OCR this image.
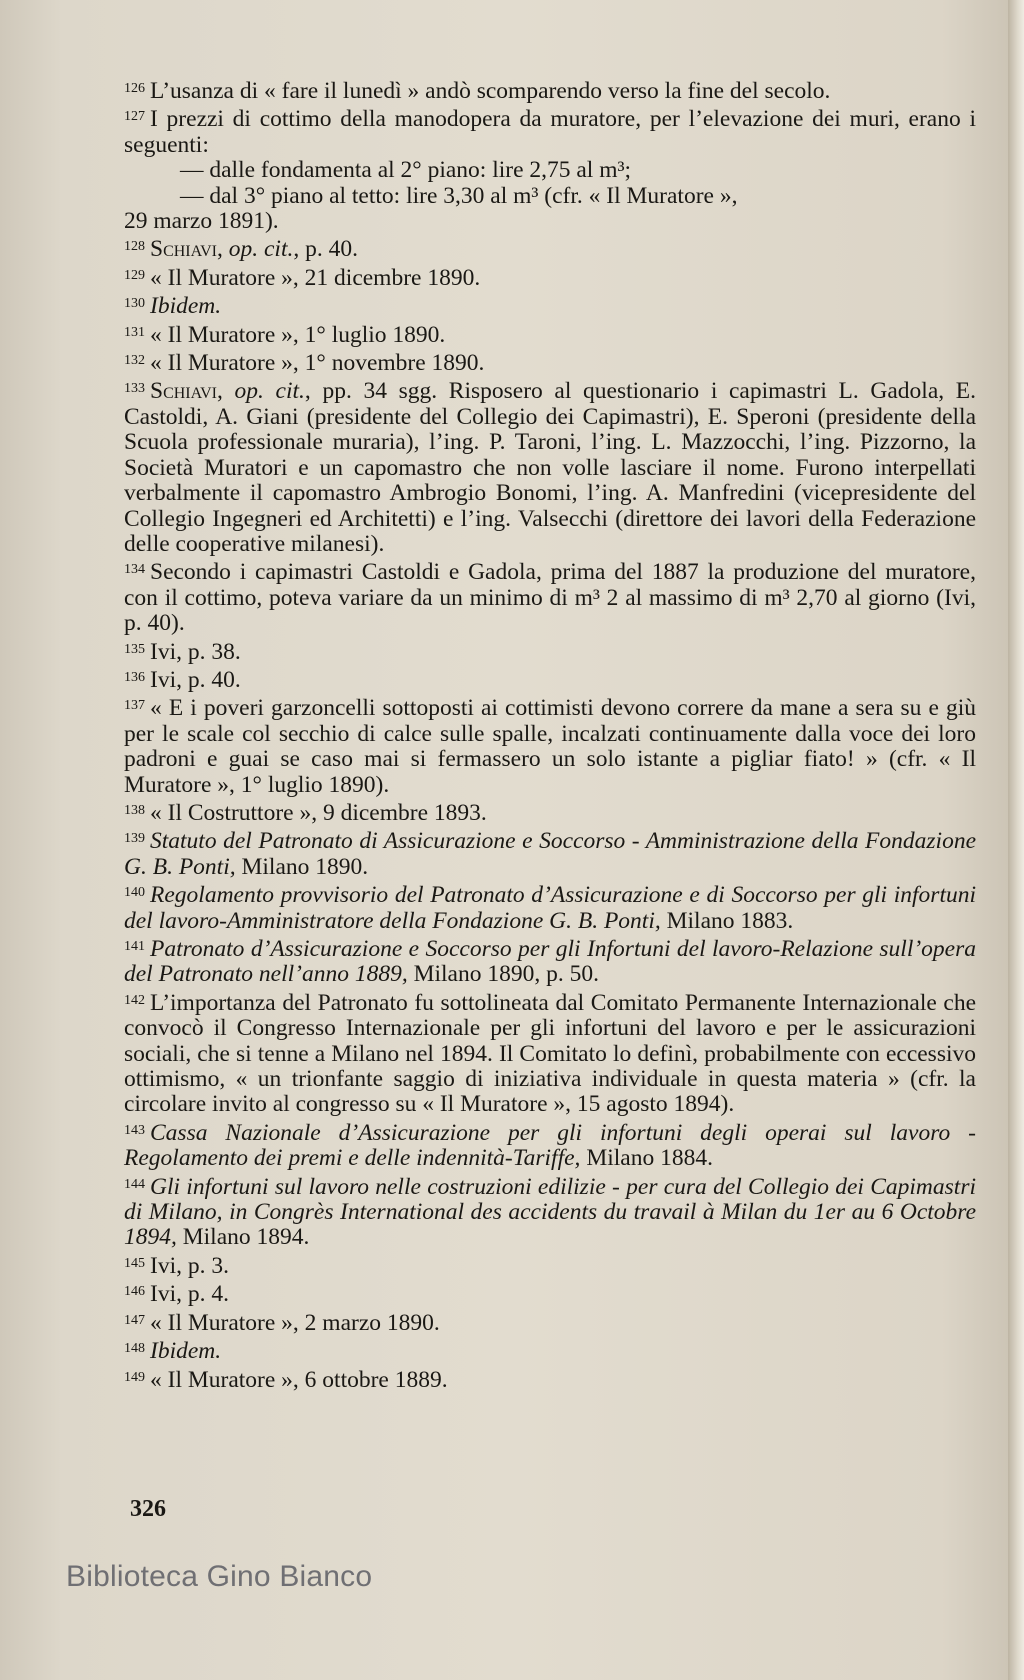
$^{126}$ L’usanza di « fare il lunedì » andò scomparendo verso la fine del secolo.

$^{127}$ I prezzi di cottimo della manodopera da muratore, per l’elevazione dei muri, erano i seguenti:

— dalle fondamenta al 2° piano: lire 2,75 al m³;

— dal 3° piano al tetto: lire 3,30 al m³ (cfr. « Il Muratore »,

29 marzo 1891).

$^{128}$ Schiavi, op. cit., p. 40.

$^{129}$ « Il Muratore », 21 dicembre 1890.

$^{130}$ Ibidem.

$^{131}$ « Il Muratore », 1° luglio 1890.

$^{132}$ « Il Muratore », 1° novembre 1890.

$^{133}$ Schiavi, op. cit., pp. 34 sgg. Risposero al questionario i capimastri L. Gadola, E. Castoldi, A. Giani (presidente del Collegio dei Capimastri), E. Speroni (presidente della Scuola professionale muraria), l’ing. P. Taroni, l’ing. L. Mazzocchi, l’ing. Pizzorno, la Società Muratori e un capomastro che non volle lasciare il nome. Furono interpellati verbalmente il capomastro Ambrogio Bonomi, l’ing. A. Manfredini (vicepresidente del Collegio Ingegneri ed Architetti) e l’ing. Valsecchi (direttore dei lavori della Federazione delle cooperative milanesi).

$^{134}$ Secondo i capimastri Castoldi e Gadola, prima del 1887 la produzione del muratore, con il cottimo, poteva variare da un minimo di m³ 2 al massimo di m³ 2,70 al giorno (Ivi, p. 40).

$^{135}$ Ivi, p. 38.

$^{136}$ Ivi, p. 40.

$^{137}$ « E i poveri garzoncelli sottoposti ai cottimisti devono correre da mane a sera su e giù per le scale col secchio di calce sulle spalle, incalzati continuamente dalla voce dei loro padroni e guai se caso mai si fermassero un solo istante a pigliar fiato! » (cfr. « Il Muratore », 1° luglio 1890).

$^{138}$ « Il Costruttore », 9 dicembre 1893.

$^{139}$ Statuto del Patronato di Assicurazione e Soccorso - Amministrazione della Fondazione G. B. Ponti, Milano 1890.

$^{140}$ Regolamento provvisorio del Patronato d’Assicurazione e di Soccorso per gli infortuni del lavoro-Amministratore della Fondazione G. B. Ponti, Milano 1883.

$^{141}$ Patronato d’Assicurazione e Soccorso per gli Infortuni del lavoro-Relazione sull’opera del Patronato nell’anno 1889, Milano 1890, p. 50.

$^{142}$ L’importanza del Patronato fu sottolineata dal Comitato Permanente Internazionale che convocò il Congresso Internazionale per gli infortuni del lavoro e per le assicurazioni sociali, che si tenne a Milano nel 1894. Il Comitato lo definì, probabilmente con eccessivo ottimismo, « un trionfante saggio di iniziativa individuale in questa materia » (cfr. la circolare invito al congresso su « Il Muratore », 15 agosto 1894).

$^{143}$ Cassa Nazionale d’Assicurazione per gli infortuni degli operai sul lavoro - Regolamento dei premi e delle indennità-Tariffe, Milano 1884.

$^{144}$ Gli infortuni sul lavoro nelle costruzioni edilizie - per cura del Collegio dei Capimastri di Milano, in Congrès International des accidents du travail à Milan du 1er au 6 Octobre 1894, Milano 1894.

$^{145}$ Ivi, p. 3.

$^{146}$ Ivi, p. 4.

$^{147}$ « Il Muratore », 2 marzo 1890.

$^{148}$ Ibidem.

$^{149}$ « Il Muratore », 6 ottobre 1889.

326
Biblioteca Gino Bianco
